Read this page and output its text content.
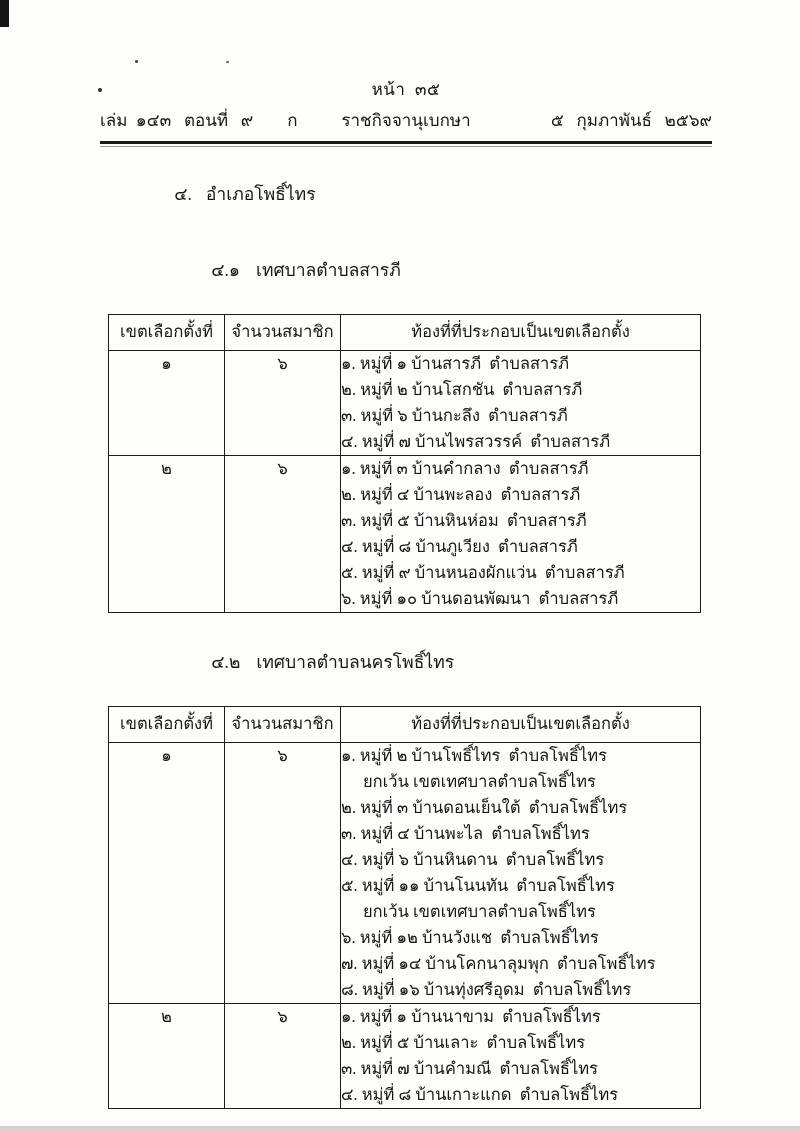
หน้า  ๓๕
เล่ม  ๑๔๓   ตอนที่   ๙        ก	ราชกิจจานุเบกษา	๕   กุมภาพันธ์   ๒๕๖๙

๔. อำเภอโพธิ์ไทร

๔.๑ เทศบาลตำบลสารภี

เขตเลือกตั้งที่	จำนวนสมาชิก	ท้องที่ที่ประกอบเป็นเขตเลือกตั้ง
๑	๖	๑. หมู่ที่ ๑ บ้านสารภี  ตำบลสารภี
๒. หมู่ที่ ๒ บ้านโสกชัน  ตำบลสารภี
๓. หมู่ที่ ๖ บ้านกะลึง  ตำบลสารภี
๔. หมู่ที่ ๗ บ้านไพรสวรรค์  ตำบลสารภี

๒	๖	๑. หมู่ที่ ๓ บ้านคำกลาง  ตำบลสารภี
๒. หมู่ที่ ๔ บ้านพะลอง  ตำบลสารภี
๓. หมู่ที่ ๕ บ้านหินห่อม  ตำบลสารภี
๔. หมู่ที่ ๘ บ้านภูเวียง  ตำบลสารภี
๕. หมู่ที่ ๙ บ้านหนองผักแว่น  ตำบลสารภี
๖. หมู่ที่ ๑๐ บ้านดอนพัฒนา  ตำบลสารภี

๔.๒ เทศบาลตำบลนครโพธิ์ไทร

เขตเลือกตั้งที่	จำนวนสมาชิก	ท้องที่ที่ประกอบเป็นเขตเลือกตั้ง
๑	๖	๑. หมู่ที่ ๒ บ้านโพธิ์ไทร  ตำบลโพธิ์ไทร
ยกเว้น เขตเทศบาลตำบลโพธิ์ไทร
๒. หมู่ที่ ๓ บ้านดอนเย็นใต้  ตำบลโพธิ์ไทร
๓. หมู่ที่ ๔ บ้านพะไล  ตำบลโพธิ์ไทร
๔. หมู่ที่ ๖ บ้านหินดาน  ตำบลโพธิ์ไทร
๕. หมู่ที่ ๑๑ บ้านโนนทัน  ตำบลโพธิ์ไทร
ยกเว้น เขตเทศบาลตำบลโพธิ์ไทร
๖. หมู่ที่ ๑๒ บ้านวังแช  ตำบลโพธิ์ไทร
๗. หมู่ที่ ๑๔ บ้านโคกนาลุมพุก  ตำบลโพธิ์ไทร
๘. หมู่ที่ ๑๖ บ้านทุ่งศรีอุดม  ตำบลโพธิ์ไทร

๒	๖	๑. หมู่ที่ ๑ บ้านนาขาม  ตำบลโพธิ์ไทร
๒. หมู่ที่ ๕ บ้านเลาะ  ตำบลโพธิ์ไทร
๓. หมู่ที่ ๗ บ้านคำมณี  ตำบลโพธิ์ไทร
๔. หมู่ที่ ๘ บ้านเกาะแกด  ตำบลโพธิ์ไทร
